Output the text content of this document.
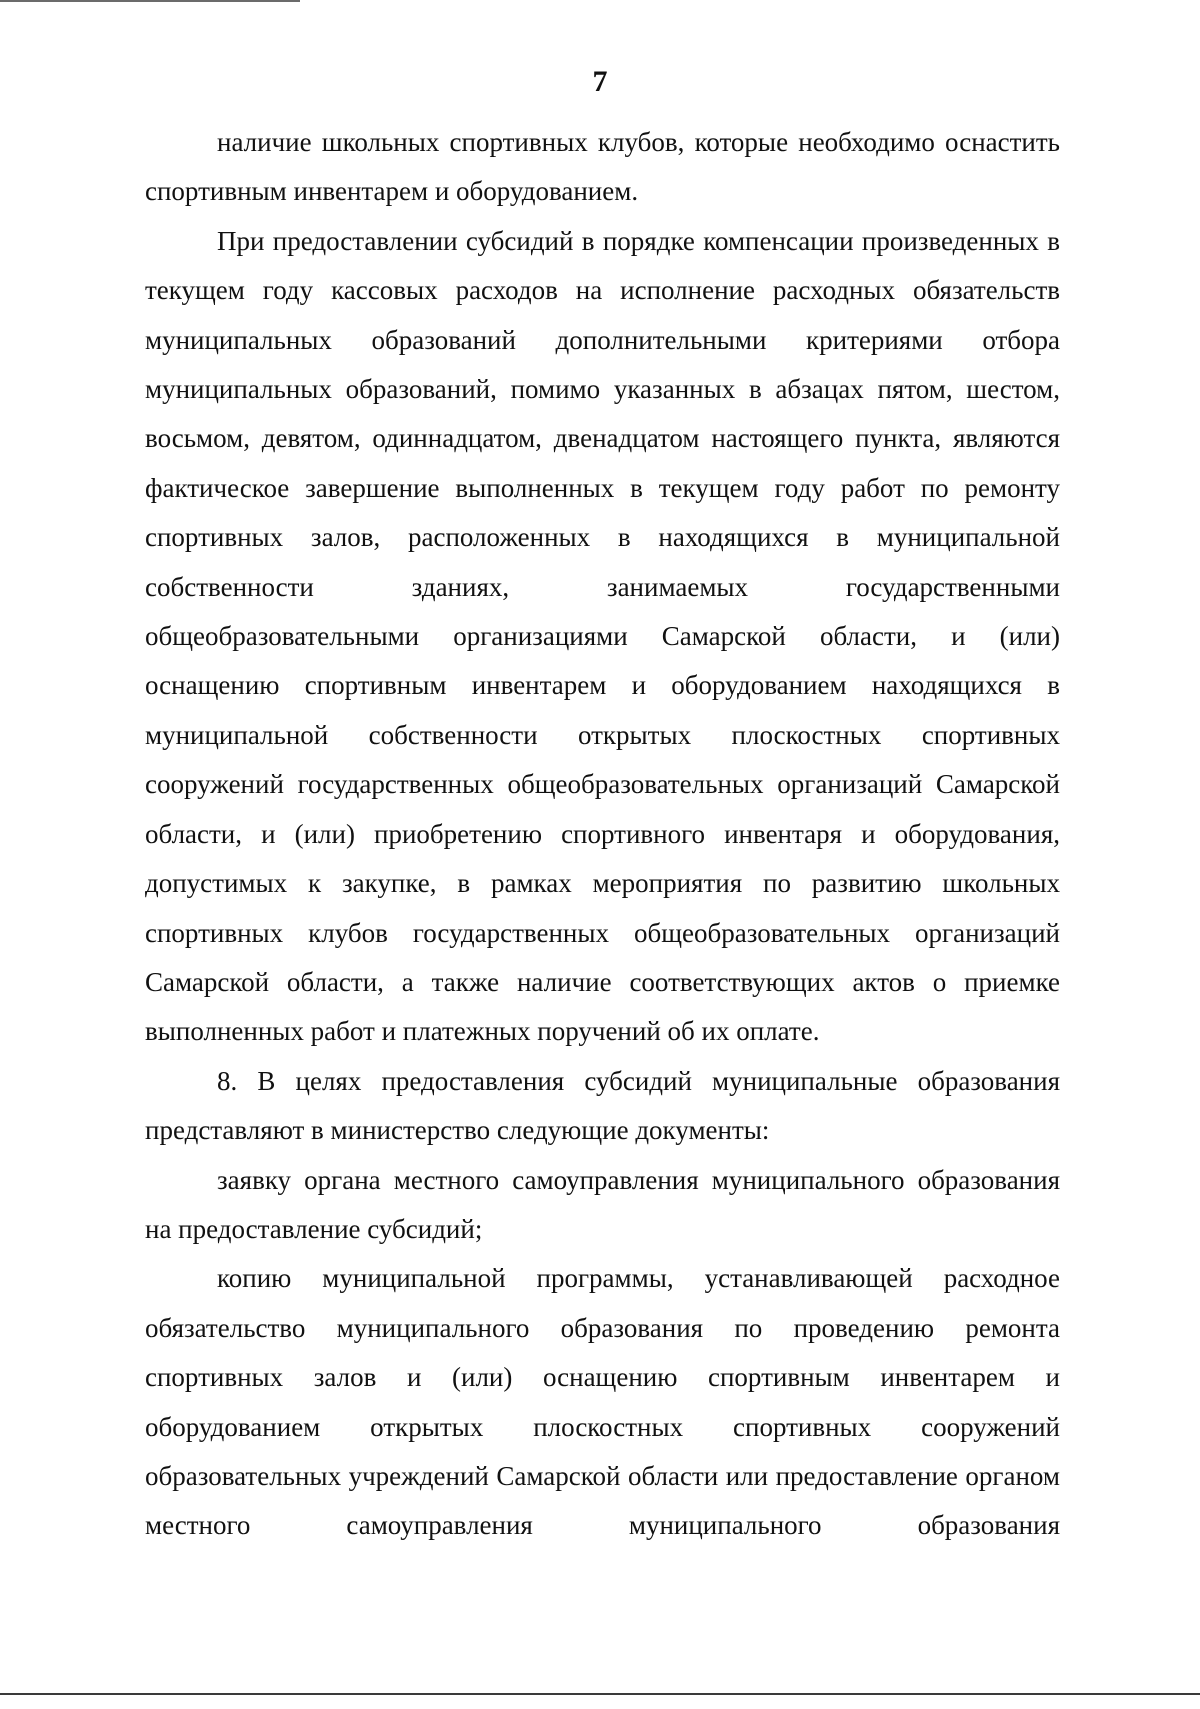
7

наличие школьных спортивных клубов, которые необходимо оснастить спортивным инвентарем и оборудованием.

При предоставлении субсидий в порядке компенсации произведенных в текущем году кассовых расходов на исполнение расходных обязательств муниципальных образований дополнительными критериями отбора муниципальных образований, помимо указанных в абзацах пятом, шестом, восьмом, девятом, одиннадцатом, двенадцатом настоящего пункта, являются фактическое завершение выполненных в текущем году работ по ремонту спортивных залов, расположенных в находящихся в муниципальной собственности зданиях, занимаемых государственными общеобразовательными организациями Самарской области, и (или) оснащению спортивным инвентарем и оборудованием находящихся в муниципальной собственности открытых плоскостных спортивных сооружений государственных общеобразовательных организаций Самарской области, и (или) приобретению спортивного инвентаря и оборудования, допустимых к закупке, в рамках мероприятия по развитию школьных спортивных клубов государственных общеобразовательных организаций Самарской области, а также наличие соответствующих актов о приемке выполненных работ и платежных поручений об их оплате.

8. В целях предоставления субсидий муниципальные образования представляют в министерство следующие документы:

заявку органа местного самоуправления муниципального образования на предоставление субсидий;

копию муниципальной программы, устанавливающей расходное обязательство муниципального образования по проведению ремонта спортивных залов и (или) оснащению спортивным инвентарем и оборудованием открытых плоскостных спортивных сооружений образовательных учреждений Самарской области или предоставление органом местного самоуправления муниципального образования
